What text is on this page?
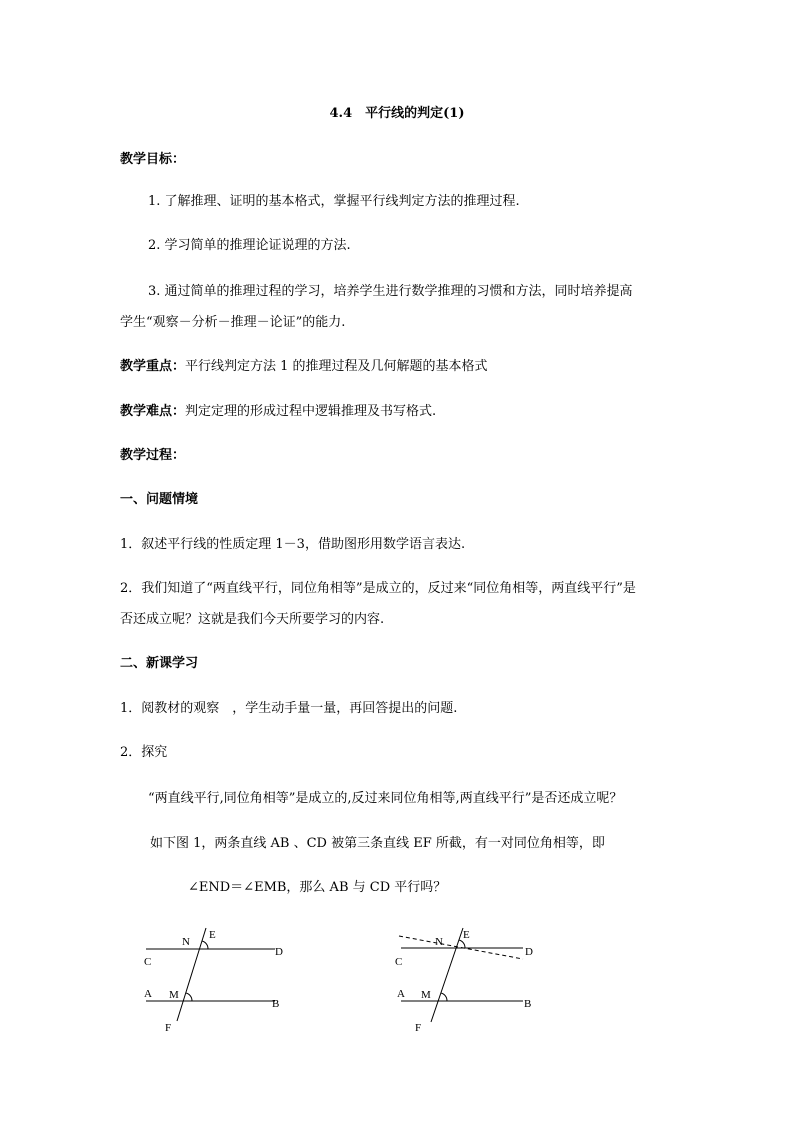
4.4　平行线的判定(1)
教学目标：
1. 了解推理、证明的基本格式，掌握平行线判定方法的推理过程.
2. 学习简单的推理论证说理的方法.
3. 通过简单的推理过程的学习，培养学生进行数学推理的习惯和方法，同时培养提高
学生“观察－分析－推理－论证”的能力.
教学重点：平行线判定方法 1 的推理过程及几何解题的基本格式
教学难点：判定定理的形成过程中逻辑推理及书写格式.
教学过程：
一、问题情境
1．叙述平行线的性质定理 1－3，借助图形用数学语言表达.
2．我们知道了“两直线平行，同位角相等”是成立的，反过来“同位角相等，两直线平行”是
否还成立呢？这就是我们今天所要学习的内容.
二、新课学习
1．阅教材的观察　，学生动手量一量，再回答提出的问题.
2．探究
“两直线平行,同位角相等”是成立的,反过来同位角相等,两直线平行”是否还成立呢？
如下图 1，两条直线 AB 、CD 被第三条直线 EF 所截，有一对同位角相等，即
∠END＝∠EMB，那么 AB 与 CD 平行吗？
E
N
D
C
A M
B
F
E
N
D
C
A M
B
F
